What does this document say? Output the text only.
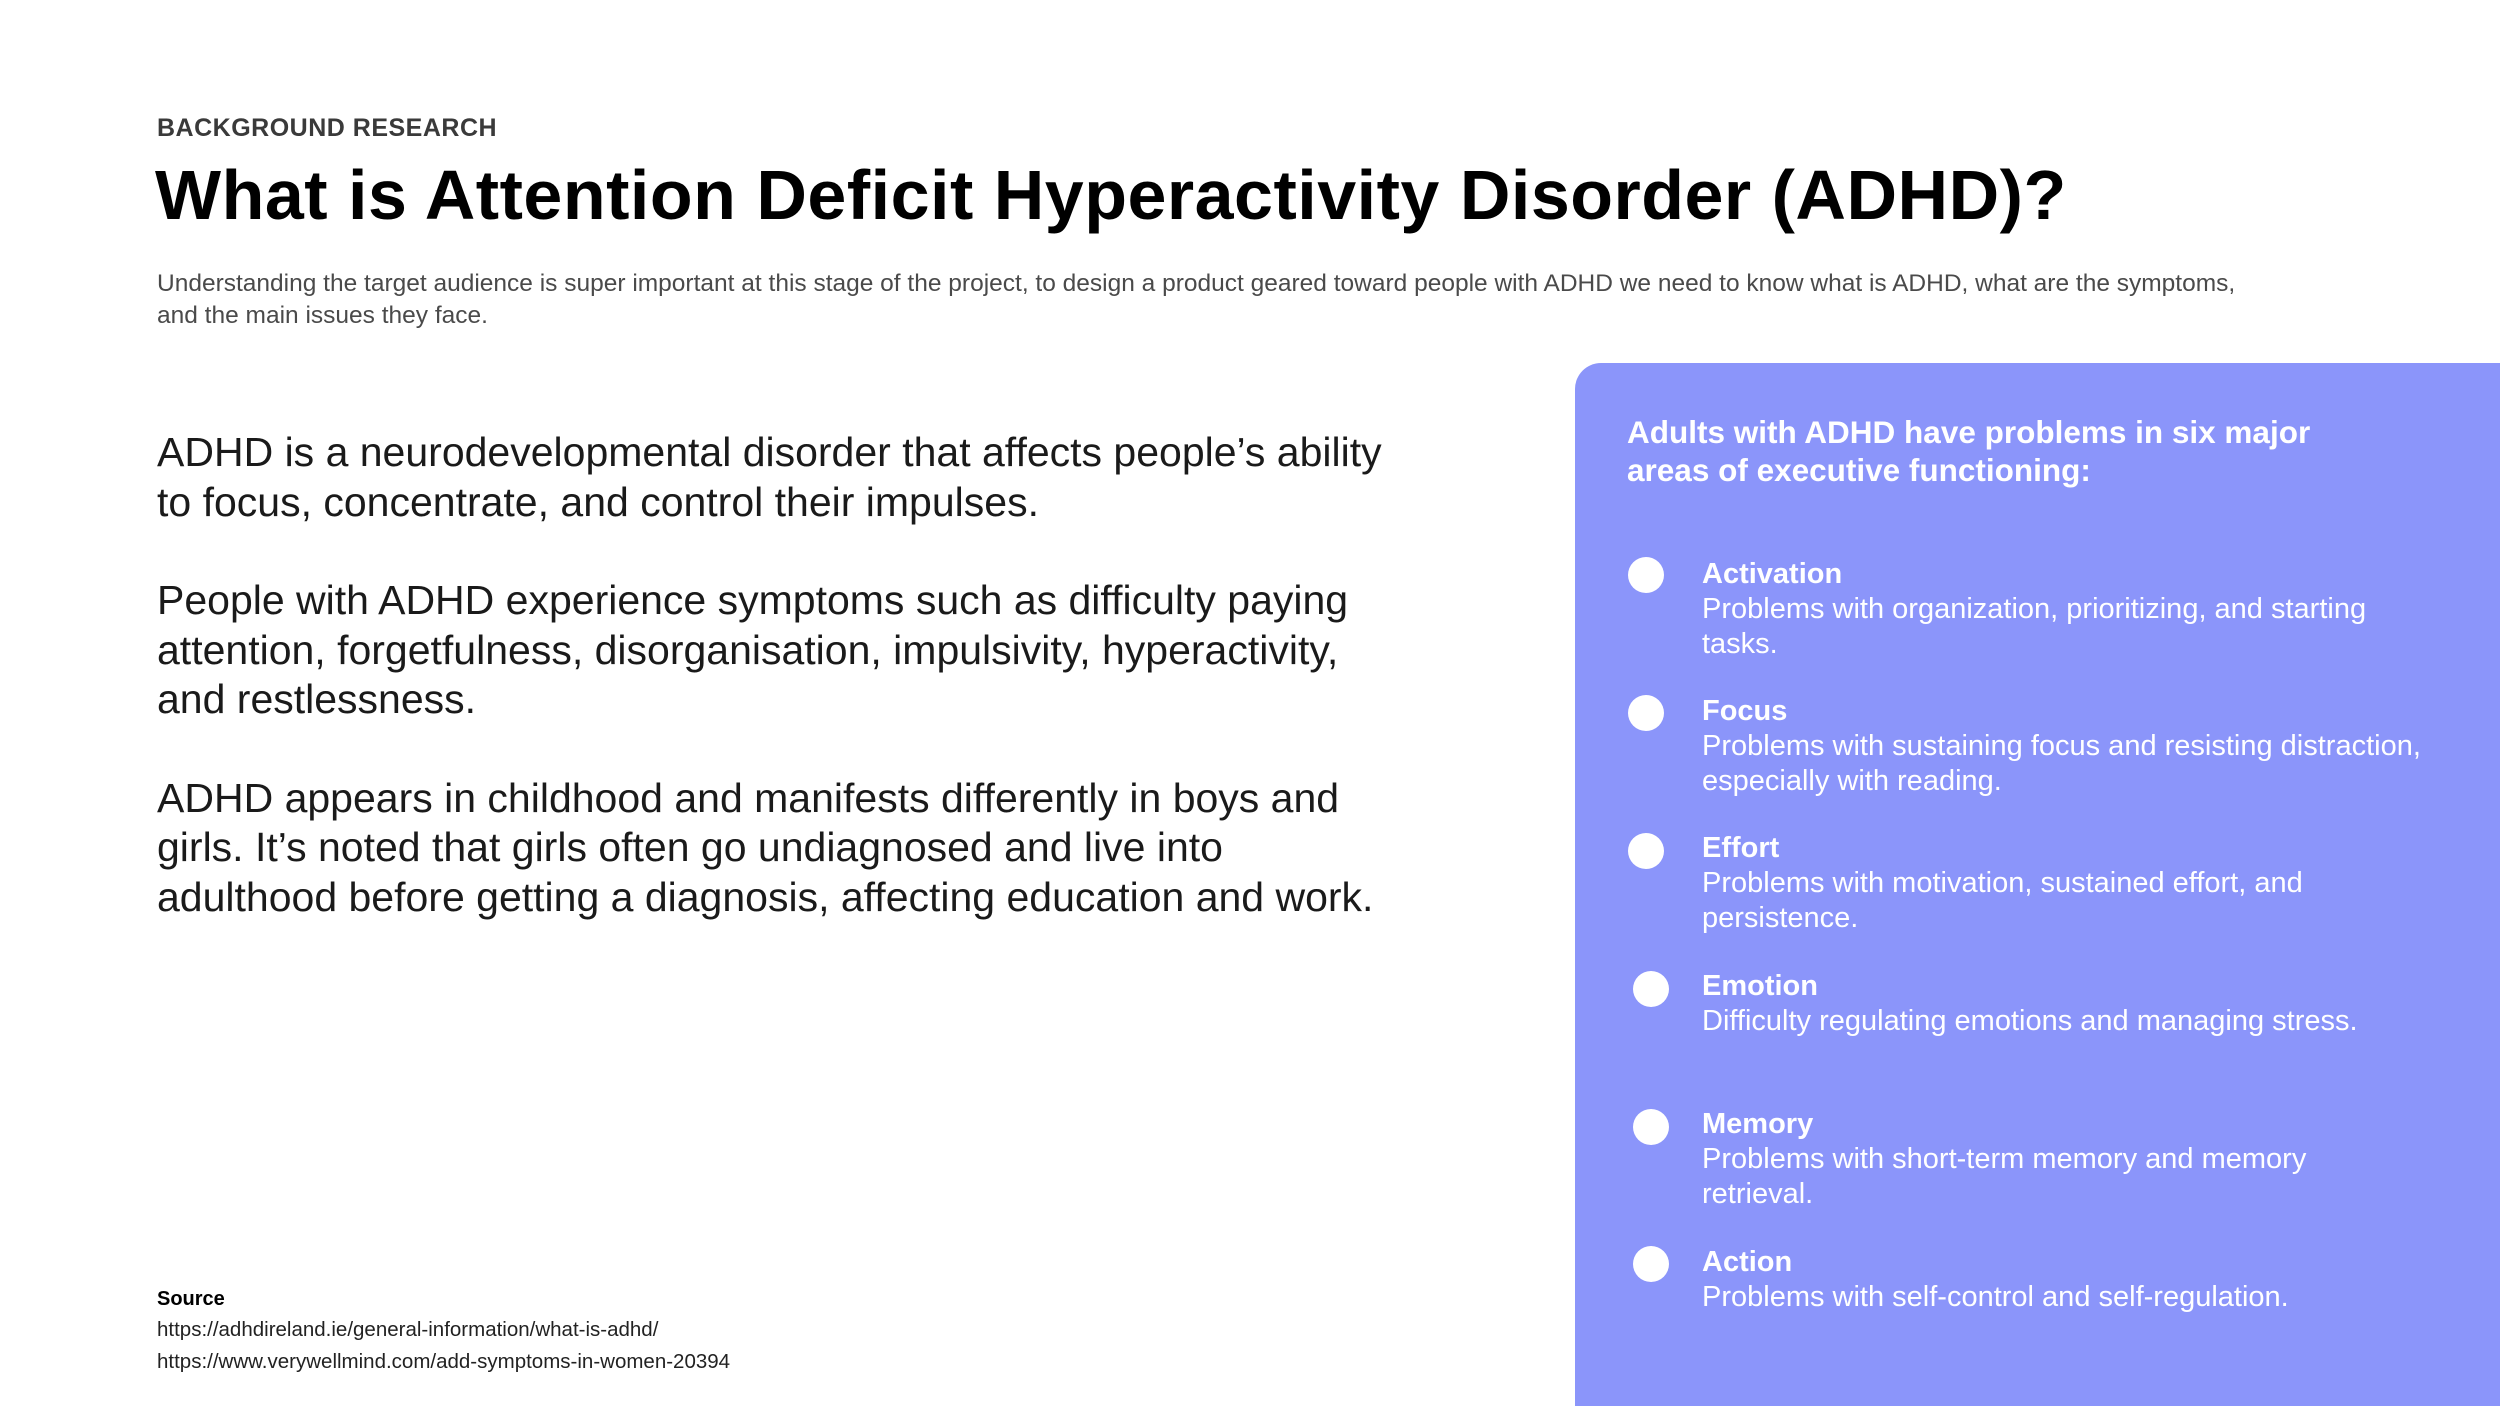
BACKGROUND RESEARCH
What is Attention Deficit Hyperactivity Disorder (ADHD)?

Understanding the target audience is super important at this stage of the project, to design a product geared toward people with ADHD we need to know what is ADHD, what are the symptoms, and the main issues they face.

ADHD is a neurodevelopmental disorder that affects people’s ability to focus, concentrate, and control their impulses.

People with ADHD experience symptoms such as difficulty paying attention, forgetfulness, disorganisation, impulsivity, hyperactivity, and restlessness.

ADHD appears in childhood and manifests differently in boys and girls. It’s noted that girls often go undiagnosed and live into adulthood before getting a diagnosis, affecting education and work.

Source
https://adhdireland.ie/general-information/what-is-adhd/
https://www.verywellmind.com/add-symptoms-in-women-20394
Adults with ADHD have problems in six major areas of executive functioning:
Activation
Problems with organization, prioritizing, and starting tasks.
Focus
Problems with sustaining focus and resisting distraction, especially with reading.
Effort
Problems with motivation, sustained effort, and persistence.
Emotion
Difficulty regulating emotions and managing stress.
Memory
Problems with short-term memory and memory retrieval.
Action
Problems with self-control and self-regulation.
